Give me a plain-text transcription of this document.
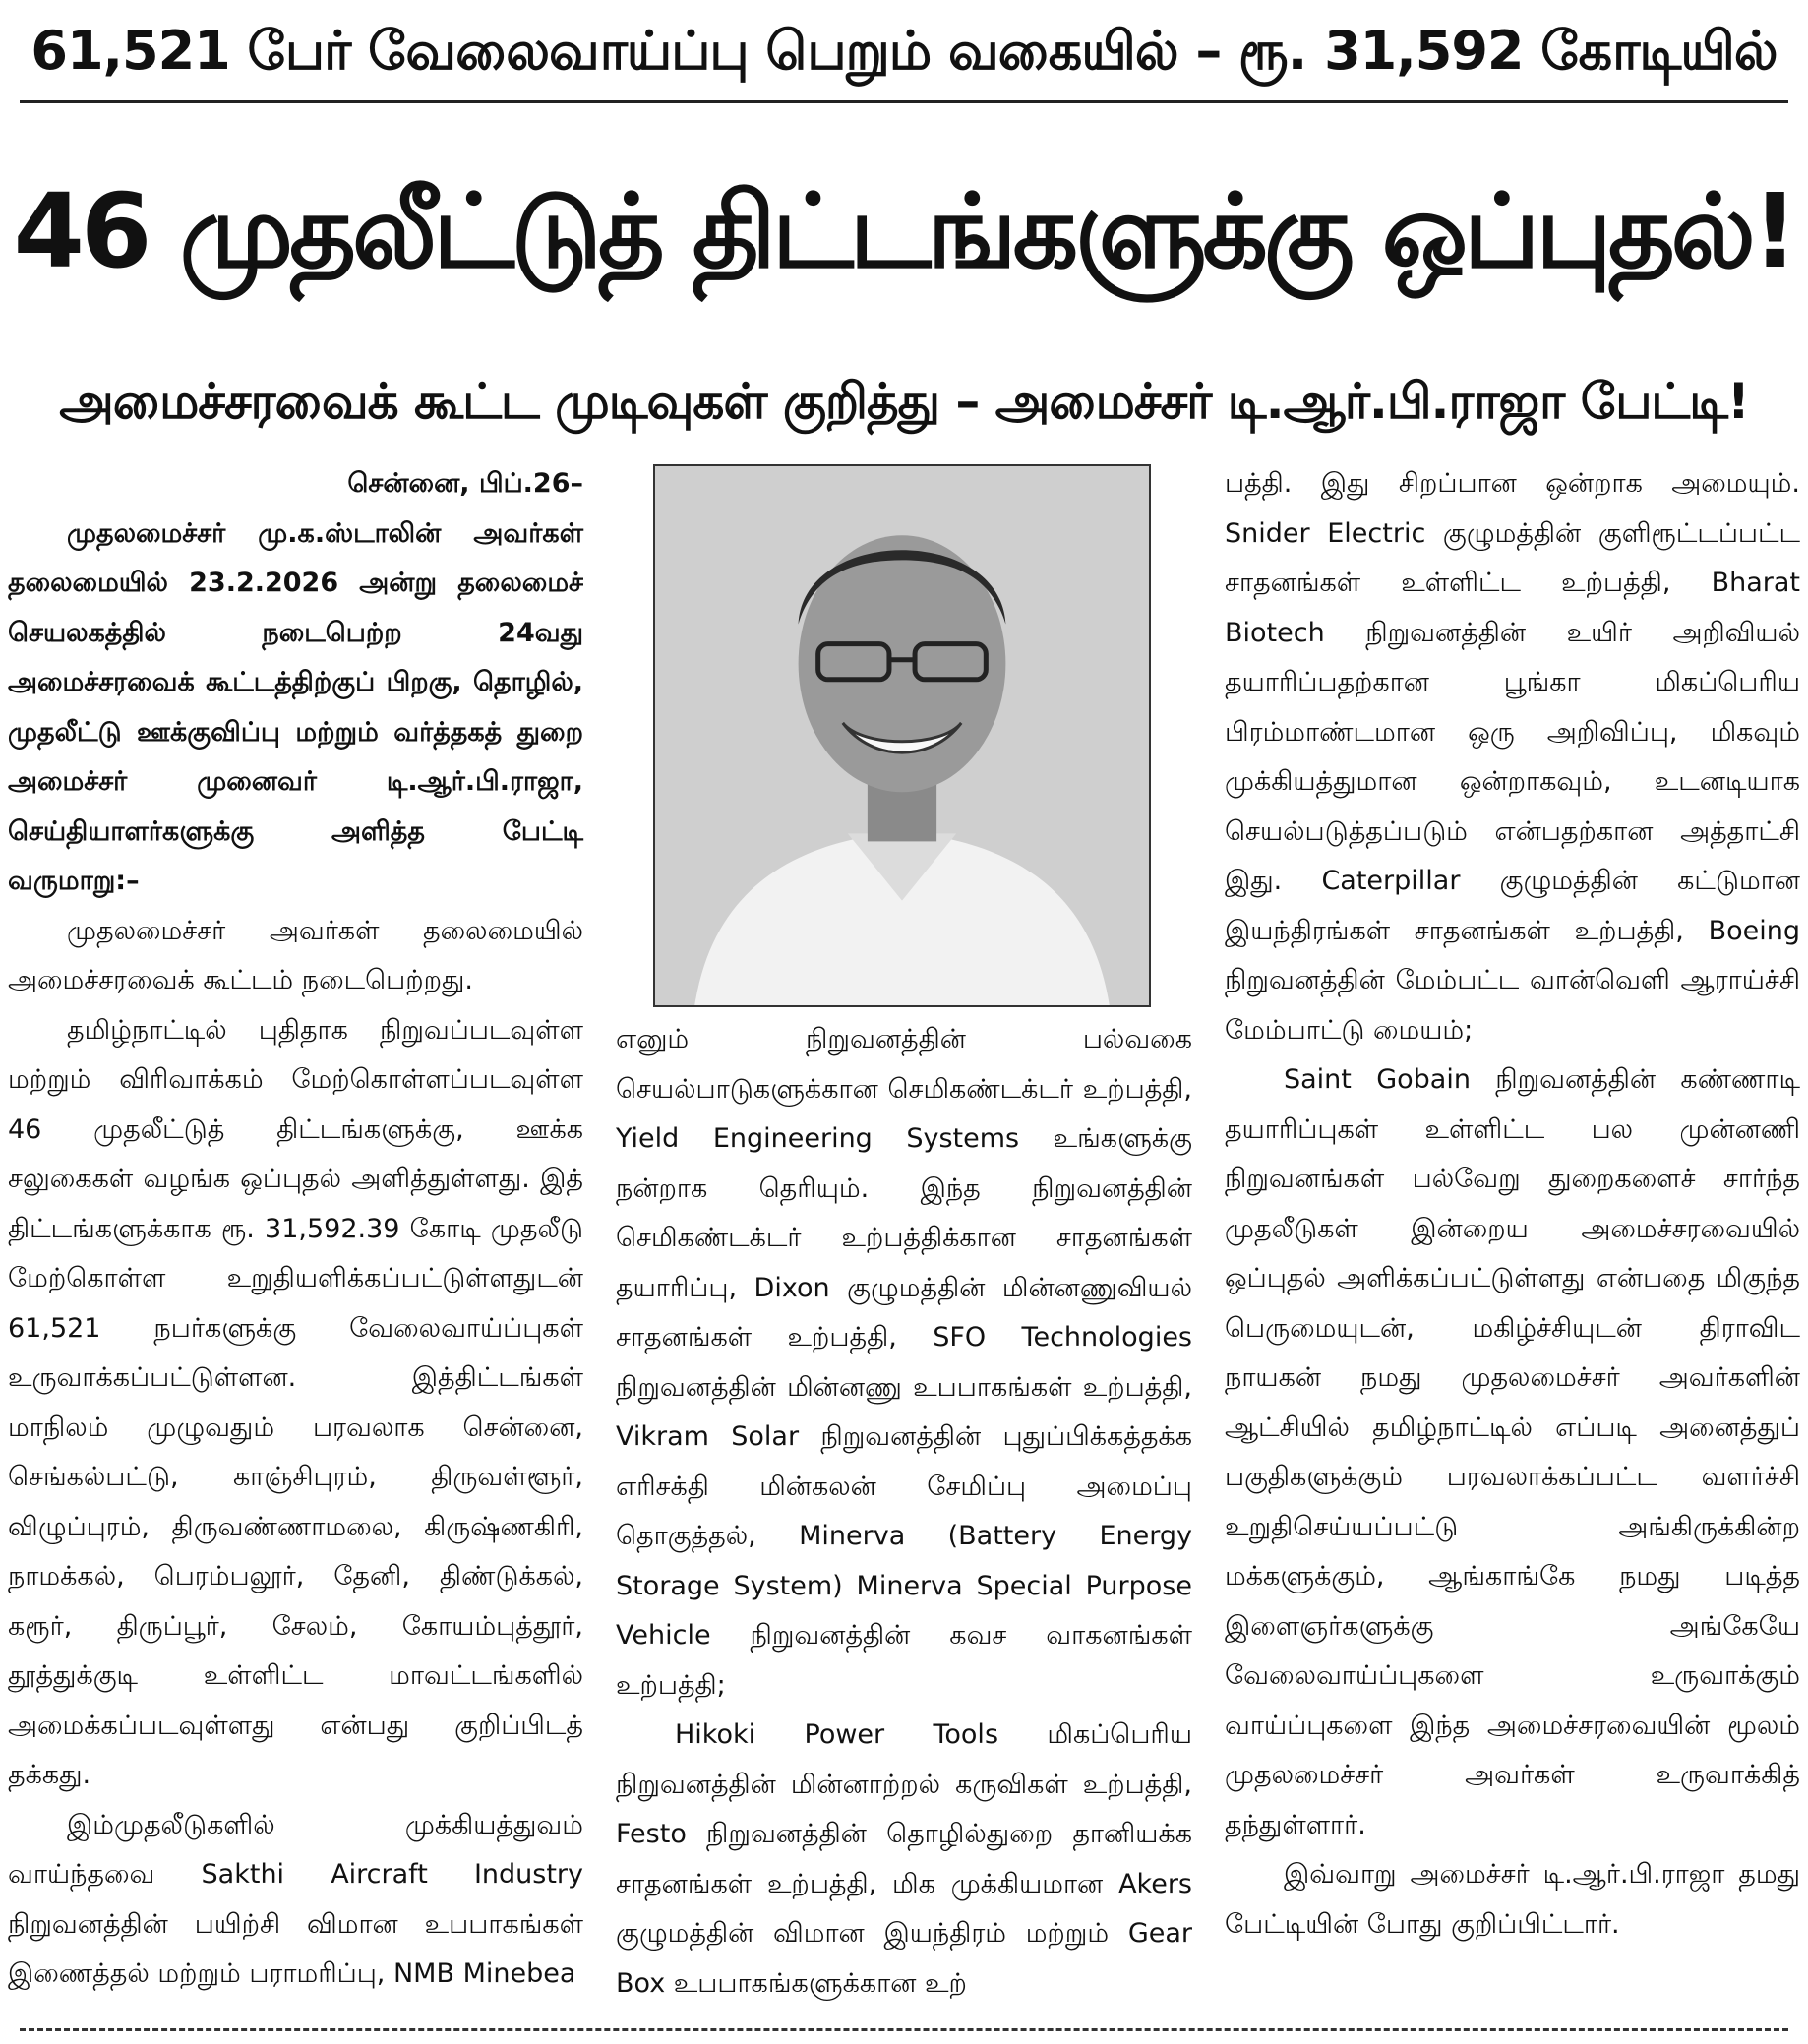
61,521 பேர் வேலைவாய்ப்பு பெறும் வகையில் – ரூ. 31,592 கோடியில்
46 முதலீட்டுத் திட்டங்களுக்கு ஒப்புதல்!
அமைச்சரவைக் கூட்ட முடிவுகள் குறித்து – அமைச்சர் டி.ஆர்.பி.ராஜா பேட்டி!

சென்னை, பிப்.26–

முதலமைச்சர் மு.க.ஸ்டாலின் அவர்கள் தலைமையில் 23.2.2026 அன்று தலைமைச் செயலகத்தில் நடைபெற்ற 24வது அமைச்சரவைக் கூட்டத்திற்குப் பிறகு, தொழில், முதலீட்டு ஊக்குவிப்பு மற்றும் வர்த்தகத் துறை அமைச்சர் முனைவர் டி.ஆர்.பி.ராஜா, செய்தியாளர்களுக்கு அளித்த பேட்டி வருமாறு:–

முதலமைச்சர் அவர்கள் தலைமையில் அமைச்சரவைக் கூட்டம் நடைபெற்றது.

தமிழ்நாட்டில் புதிதாக நிறுவப்படவுள்ள மற்றும் விரிவாக்கம் மேற்கொள்ளப்படவுள்ள 46 முதலீட்டுத் திட்டங்களுக்கு, ஊக்க சலுகைகள் வழங்க ஒப்புதல் அளித்துள்ளது. இத் திட்டங்களுக்காக ரூ. 31,592.39 கோடி முதலீடு மேற்கொள்ள உறுதியளிக்கப்பட்டுள்ளதுடன் 61,521 நபர்களுக்கு வேலைவாய்ப்புகள் உருவாக்கப்பட்டுள்ளன. இத்திட்டங்கள் மாநிலம் முழுவதும் பரவலாக சென்னை, செங்கல்பட்டு, காஞ்சிபுரம், திருவள்ளூர், விழுப்புரம், திருவண்ணாமலை, கிருஷ்ணகிரி, நாமக்கல், பெரம்பலூர், தேனி, திண்டுக்கல், கரூர், திருப்பூர், சேலம், கோயம்புத்தூர், தூத்துக்குடி உள்ளிட்ட மாவட்டங்களில் அமைக்கப்படவுள்ளது என்பது குறிப்பிடத் தக்கது.

இம்முதலீடுகளில் முக்கியத்துவம் வாய்ந்தவை Sakthi Aircraft Industry நிறுவனத்தின் பயிற்சி விமான உபபாகங்கள் இணைத்தல் மற்றும் பராமரிப்பு, NMB Minebea

எனும் நிறுவனத்தின் பல்வகை செயல்பாடுகளுக்கான செமிகண்டக்டர் உற்பத்தி, Yield Engineering Systems உங்களுக்கு நன்றாக தெரியும். இந்த நிறுவனத்தின் செமிகண்டக்டர் உற்பத்திக்கான சாதனங்கள் தயாரிப்பு, Dixon குழுமத்தின் மின்னணுவியல் சாதனங்கள் உற்பத்தி, SFO Technologies நிறுவனத்தின் மின்னணு உபபாகங்கள் உற்பத்தி, Vikram Solar நிறுவனத்தின் புதுப்பிக்கத்தக்க எரிசக்தி மின்கலன் சேமிப்பு அமைப்பு தொகுத்தல், Minerva (Battery Energy Storage System) Minerva Special Purpose Vehicle நிறுவனத்தின் கவச வாகனங்கள் உற்பத்தி;

Hikoki Power Tools மிகப்பெரிய நிறுவனத்தின் மின்னாற்றல் கருவிகள் உற்பத்தி, Festo நிறுவனத்தின் தொழில்துறை தானியக்க சாதனங்கள் உற்பத்தி, மிக முக்கியமான Akers குழுமத்தின் விமான இயந்திரம் மற்றும் Gear Box உபபாகங்களுக்கான உற்

பத்தி. இது சிறப்பான ஒன்றாக அமையும். Snider Electric குழுமத்தின் குளிரூட்டப்பட்ட சாதனங்கள் உள்ளிட்ட உற்பத்தி, Bharat Biotech நிறுவனத்தின் உயிர் அறிவியல் தயாரிப்பதற்கான பூங்கா மிகப்பெரிய பிரம்மாண்டமான ஒரு அறிவிப்பு, மிகவும் முக்கியத்துமான ஒன்றாகவும், உடனடியாக செயல்படுத்தப்படும் என்பதற்கான அத்தாட்சி இது. Caterpillar குழுமத்தின் கட்டுமான இயந்திரங்கள் சாதனங்கள் உற்பத்தி, Boeing நிறுவனத்தின் மேம்பட்ட வான்வெளி ஆராய்ச்சி மேம்பாட்டு மையம்;

Saint Gobain நிறுவனத்தின் கண்ணாடி தயாரிப்புகள் உள்ளிட்ட பல முன்னணி நிறுவனங்கள் பல்வேறு துறைகளைச் சார்ந்த முதலீடுகள் இன்றைய அமைச்சரவையில் ஒப்புதல் அளிக்கப்பட்டுள்ளது என்பதை மிகுந்த பெருமையுடன், மகிழ்ச்சியுடன் திராவிட நாயகன் நமது முதலமைச்சர் அவர்களின் ஆட்சியில் தமிழ்நாட்டில் எப்படி அனைத்துப் பகுதிகளுக்கும் பரவலாக்கப்பட்ட வளர்ச்சி உறுதிசெய்யப்பட்டு அங்கிருக்கின்ற மக்களுக்கும், ஆங்காங்கே நமது படித்த இளைஞர்களுக்கு அங்கேயே வேலைவாய்ப்புகளை உருவாக்கும் வாய்ப்புகளை இந்த அமைச்சரவையின் மூலம் முதலமைச்சர் அவர்கள் உருவாக்கித் தந்துள்ளார்.

இவ்வாறு அமைச்சர் டி.ஆர்.பி.ராஜா தமது பேட்டியின் போது குறிப்பிட்டார்.
